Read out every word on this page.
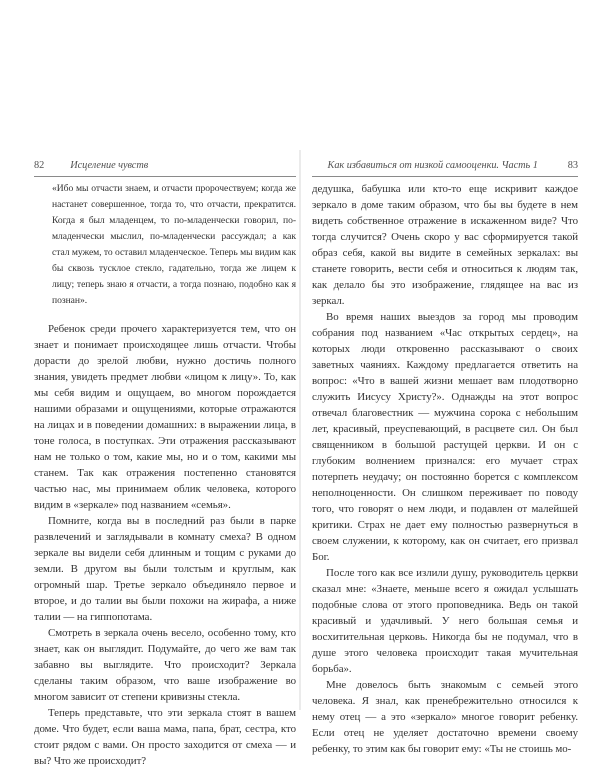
82	Исцеление чувств
«Ибо мы отчасти знаем, и отчасти пророчествуем; когда же настанет совершенное, тогда то, что отчасти, прекратится. Когда я был младенцем, то по-младенчески говорил, по-младенчески мыслил, по-младенчески рассуждал; а как стал мужем, то оставил младенческое. Теперь мы видим как бы сквозь тусклое стекло, гадательно, тогда же лицем к лицу; теперь знаю я отчасти, а тогда познаю, подобно как я познан».

Ребенок среди прочего характеризуется тем, что он знает и понимает происходящее лишь отчасти. Чтобы дорасти до зрелой любви, нужно достичь полного знания, увидеть предмет любви «лицом к лицу». То, как мы себя видим и ощущаем, во многом порождается нашими образами и ощущениями, которые отражаются на лицах и в поведении домашних: в выражении лица, в тоне голоса, в поступках. Эти отражения рассказывают нам не только о том, какие мы, но и о том, какими мы станем. Так как отражения постепенно становятся частью нас, мы принимаем облик человека, которого видим в «зеркале» под названием «семья».

Помните, когда вы в последний раз были в парке развлечений и заглядывали в комнату смеха? В одном зеркале вы видели себя длинным и тощим с руками до земли. В другом вы были толстым и круглым, как огромный шар. Третье зеркало объединяло первое и второе, и до талии вы были похожи на жирафа, а ниже талии — на гиппопотама.

Смотреть в зеркала очень весело, особенно тому, кто знает, как он выглядит. Подумайте, до чего же вам так забавно вы выглядите. Что происходит? Зеркала сделаны таким образом, что ваше изображение во многом зависит от степени кривизны стекла.

Теперь представьте, что эти зеркала стоят в вашем доме. Что будет, если ваша мама, папа, брат, сестра, кто стоит рядом с вами. Он просто заходится от смеха — и вы? Что же происходит?

Как избавиться от низкой самооценки. Часть 1	83

дедушка, бабушка или кто-то еще искривит каждое зеркало в доме таким образом, что бы вы будете в нем видеть собственное отражение в искаженном виде? Что тогда случится? Очень скоро у вас сформируется такой образ себя, какой вы видите в семейных зеркалах: вы станете говорить, вести себя и относиться к людям так, как делало бы это изображение, глядящее на вас из зеркал.

Во время наших выездов за город мы проводим собрания под названием «Час открытых сердец», на которых люди откровенно рассказывают о своих заветных чаяниях. Каждому предлагается ответить на вопрос: «Что в вашей жизни мешает вам плодотворно служить Иисусу Христу?». Однажды на этот вопрос отвечал благовестник — мужчина сорока с небольшим лет, красивый, преуспевающий, в расцвете сил. Он был священником в большой растущей церкви. И он с глубоким волнением признался: его мучает страх потерпеть неудачу; он постоянно борется с комплексом неполноценности. Он слишком переживает по поводу того, что говорят о нем люди, и подавлен от малейшей критики. Страх не дает ему полностью развернуться в своем служении, к которому, как он считает, его призвал Бог.

После того как все излили душу, руководитель церкви сказал мне: «Знаете, меньше всего я ожидал услышать подобные слова от этого проповедника. Ведь он такой красивый и удачливый. У него большая семья и восхитительная церковь. Никогда бы не подумал, что в душе этого человека происходит такая мучительная борьба».

Мне довелось быть знакомым с семьей этого человека. Я знал, как пренебрежительно относился к нему отец — а это «зеркало» многое говорит ребенку. Если отец не уделяет достаточно времени своему ребенку, то этим как бы говорит ему: «Ты не стоишь мо-
